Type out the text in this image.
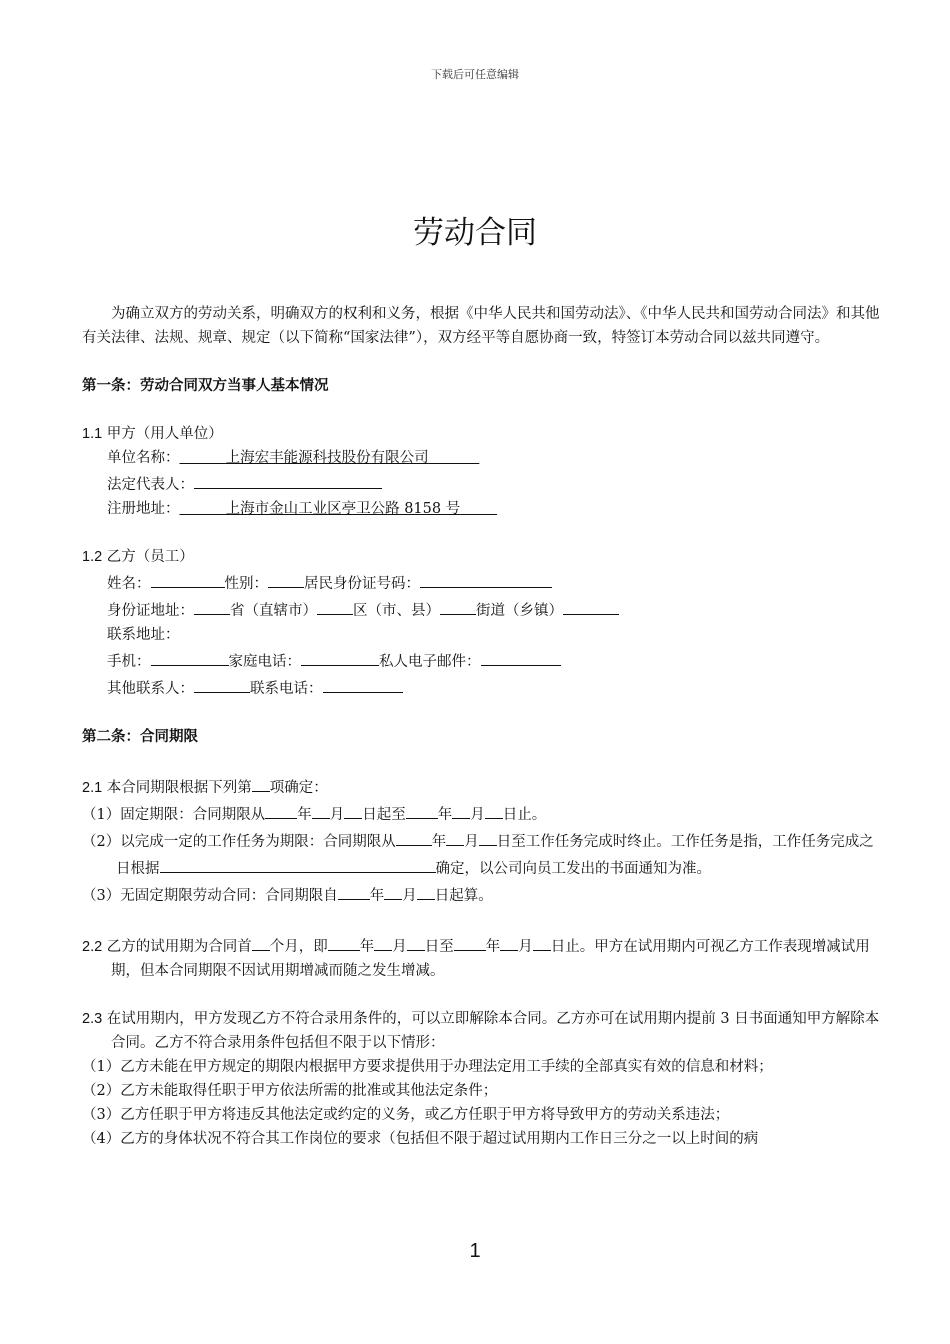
下载后可任意编辑
劳动合同

为确立双方的劳动关系，明确双方的权利和义务，根据《中华人民共和国劳动法》、《中华人民共和国劳动合同法》和其他有关法律、法规、规章、规定（以下简称“国家法律”），双方经平等自愿协商一致，特签订本劳动合同以兹共同遵守。

第一条：劳动合同双方当事人基本情况

1.1 甲方（用人单位）

单位名称：	上海宏丰能源科技股份有限公司

法定代表人：

注册地址：	上海市金山工业区亭卫公路 8158 号

1.2 乙方（员工）

姓名：	性别： 居民身份证号码：

身份证地址： 省（直辖市） 区（市、县） 街道（乡镇）

联系地址：

手机：	家庭电话：	私人电子邮件：

其他联系人：	联系电话：

第二条：合同期限

2.1 本合同期限根据下列第 项确定：

（1）固定期限：合同期限从 年 月 日起至 年 月 日止。

（2）以完成一定的工作任务为期限：合同期限从 年 月 日至工作任务完成时终止。工作任务是指，工作任务完成之日根据	确定，以公司向员工发出的书面通知为准。

（3）无固定期限劳动合同：合同期限自 年 月 日起算。

2.2 乙方的试用期为合同首 个月，即 年 月 日至 年 月 日止。甲方在试用期内可视乙方工作表现增减试用期，但本合同期限不因试用期增减而随之发生增减。

2.3 在试用期内，甲方发现乙方不符合录用条件的，可以立即解除本合同。乙方亦可在试用期内提前 3 日书面通知甲方解除本合同。乙方不符合录用条件包括但不限于以下情形：

（1）乙方未能在甲方规定的期限内根据甲方要求提供用于办理法定用工手续的全部真实有效的信息和材料；

（2）乙方未能取得任职于甲方依法所需的批准或其他法定条件；

（3）乙方任职于甲方将违反其他法定或约定的义务，或乙方任职于甲方将导致甲方的劳动关系违法；

（4）乙方的身体状况不符合其工作岗位的要求（包括但不限于超过试用期内工作日三分之一以上时间的病

1
